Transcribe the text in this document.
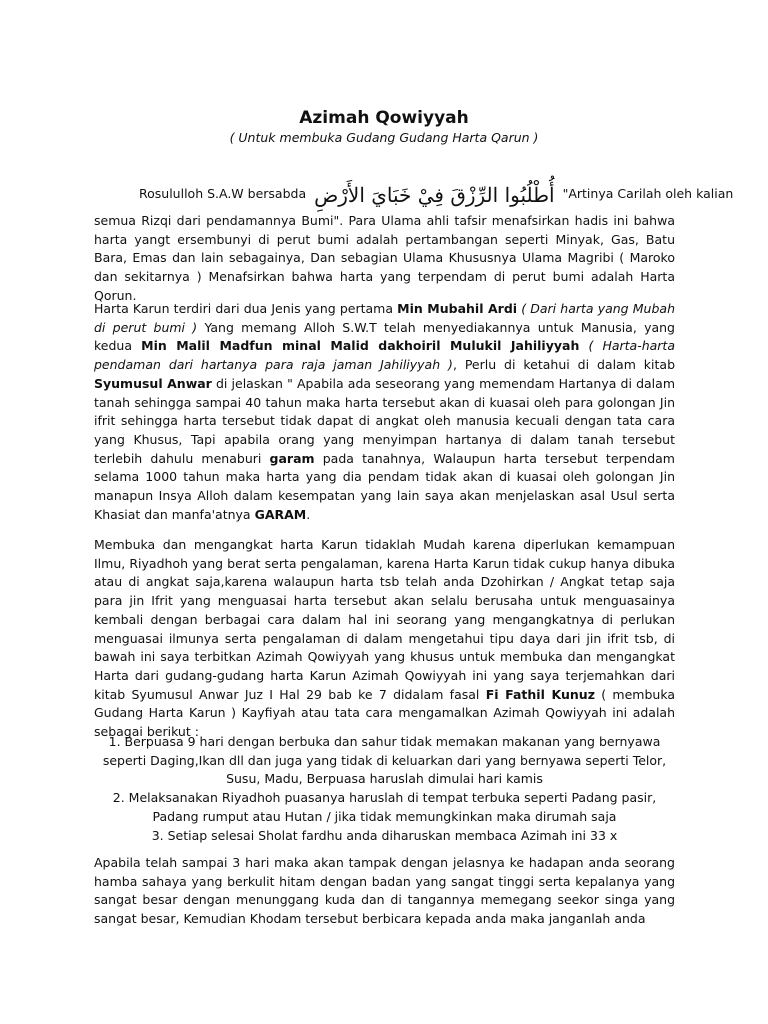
Azimah Qowiyyah
( Untuk membuka Gudang Gudang Harta Qarun )
Rosululloh S.A.W bersabda أُطْلُبُوا الرِّزْقَ فِيْ خَبَايَ الأَرْضِ "Artinya Carilah oleh kalian
semua Rizqi dari pendamannya Bumi". Para Ulama ahli tafsir menafsirkan hadis ini bahwa harta yangt ersembunyi di perut bumi adalah pertambangan seperti Minyak, Gas, Batu Bara, Emas dan lain sebagainya, Dan sebagian Ulama Khususnya Ulama Magribi ( Maroko dan sekitarnya ) Menafsirkan bahwa harta yang terpendam di perut bumi adalah Harta Qorun.
Harta Karun terdiri dari dua Jenis yang pertama Min Mubahil Ardi ( Dari harta yang Mubah di perut bumi ) Yang memang Alloh S.W.T telah menyediakannya untuk Manusia, yang kedua Min Malil Madfun minal Malid dakhoiril Mulukil Jahiliyyah ( Harta-harta pendaman dari hartanya para raja jaman Jahiliyyah ), Perlu di ketahui di dalam kitab Syumusul Anwar di jelaskan " Apabila ada seseorang yang memendam Hartanya di dalam tanah sehingga sampai 40 tahun maka harta tersebut akan di kuasai oleh para golongan Jin ifrit sehingga harta tersebut tidak dapat di angkat oleh manusia kecuali dengan tata cara yang Khusus, Tapi apabila orang yang menyimpan hartanya di dalam tanah tersebut terlebih dahulu menaburi garam pada tanahnya, Walaupun harta tersebut terpendam selama 1000 tahun maka harta yang dia pendam tidak akan di kuasai oleh golongan Jin manapun Insya Alloh dalam kesempatan yang lain saya akan menjelaskan asal Usul serta Khasiat dan manfa'atnya GARAM.
Membuka dan mengangkat harta Karun tidaklah Mudah karena diperlukan kemampuan Ilmu, Riyadhoh yang berat serta pengalaman, karena Harta Karun tidak cukup hanya dibuka atau di angkat saja,karena walaupun harta tsb telah anda Dzohirkan / Angkat tetap saja para jin Ifrit yang menguasai harta tersebut akan selalu berusaha untuk menguasainya kembali dengan berbagai cara dalam hal ini seorang yang mengangkatnya di perlukan menguasai ilmunya serta pengalaman di dalam mengetahui tipu daya dari jin ifrit tsb, di bawah ini saya terbitkan Azimah Qowiyyah yang khusus untuk membuka dan mengangkat Harta dari gudang-gudang harta Karun Azimah Qowiyyah ini yang saya terjemahkan dari kitab Syumusul Anwar Juz I Hal 29 bab ke 7 didalam fasal Fi Fathil Kunuz ( membuka Gudang Harta Karun ) Kayfiyah atau tata cara mengamalkan Azimah Qowiyyah ini adalah sebagai berikut :
1. Berpuasa 9 hari dengan berbuka dan sahur tidak memakan makanan yang bernyawa
seperti Daging,Ikan dll dan juga yang tidak di keluarkan dari yang bernyawa seperti Telor,
Susu, Madu, Berpuasa haruslah dimulai hari kamis
2. Melaksanakan Riyadhoh puasanya haruslah di tempat terbuka seperti Padang pasir,
Padang rumput atau Hutan / jika tidak memungkinkan maka dirumah saja
3. Setiap selesai Sholat fardhu anda diharuskan membaca Azimah ini 33 x
Apabila telah sampai 3 hari maka akan tampak dengan jelasnya ke hadapan anda seorang hamba sahaya yang berkulit hitam dengan badan yang sangat tinggi serta kepalanya yang sangat besar dengan menunggang kuda dan di tangannya memegang seekor singa yang sangat besar, Kemudian Khodam tersebut berbicara kepada anda maka janganlah anda
